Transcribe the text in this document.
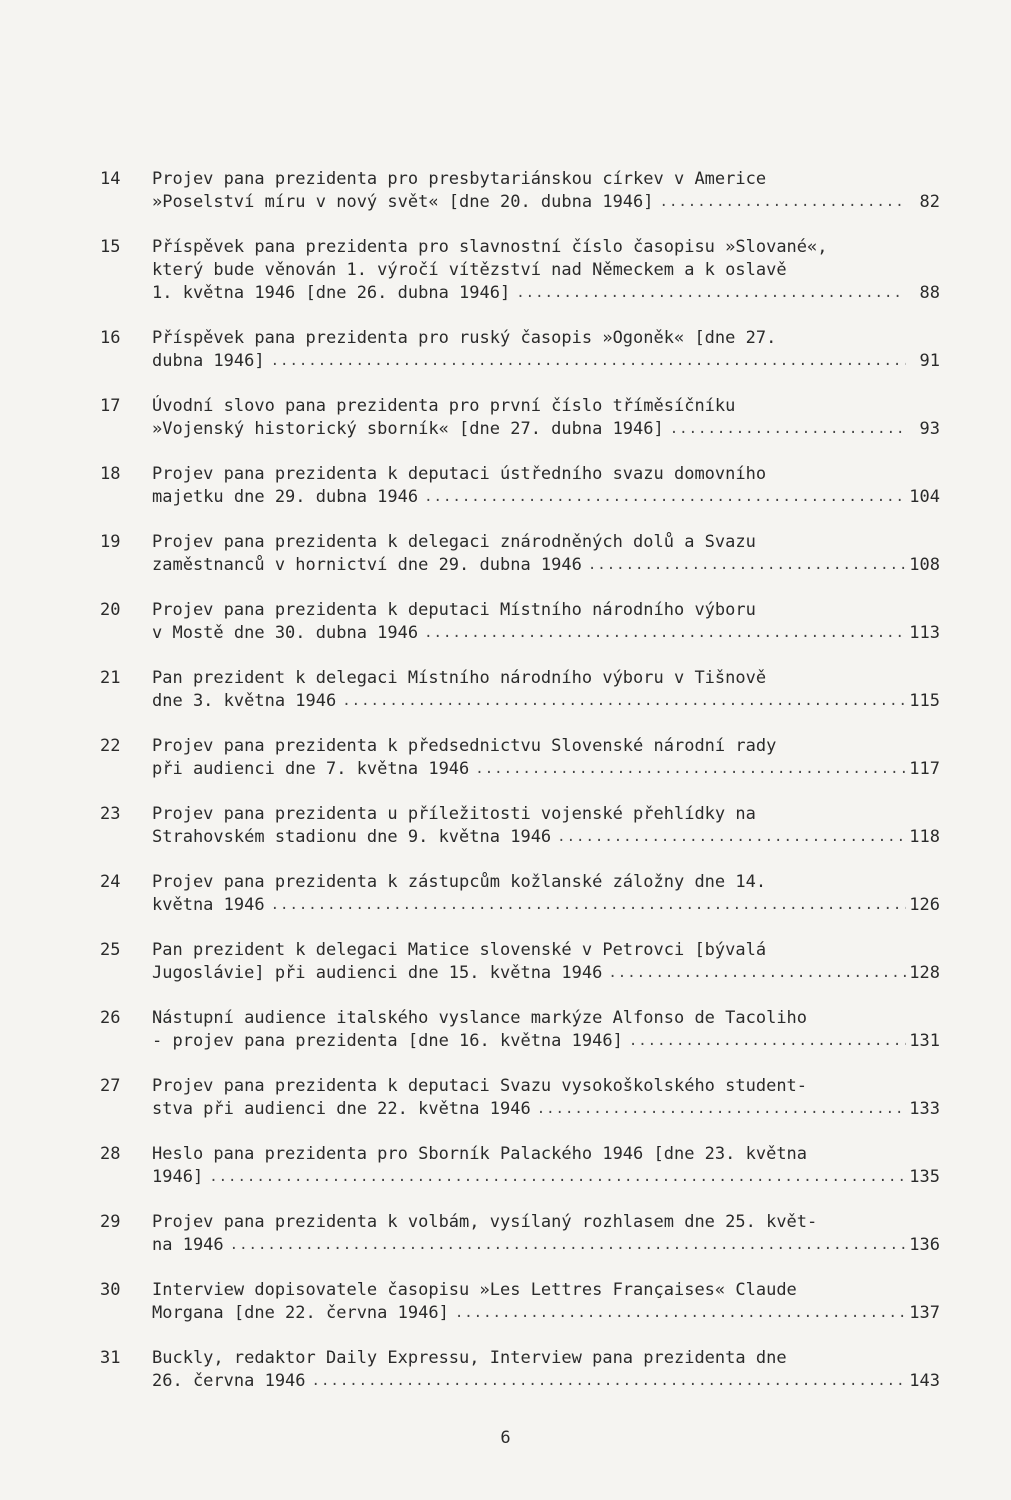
14	Projev pana prezidenta pro presbytariánskou církev v Americe
»Poselství míru v nový svět« [dne 20. dubna 1946] .....	82
15	Příspěvek pana prezidenta pro slavnostní číslo časopisu »Slované«,
který bude věnován 1. výročí vítězství nad Německem a k oslavě
1. května 1946 [dne 26. dubna 1946] .....	88
16	Příspěvek pana prezidenta pro ruský časopis »Ogoněk« [dne 27.
dubna 1946] .....	91
17	Úvodní slovo pana prezidenta pro první číslo tříměsíčníku
»Vojenský historický sborník« [dne 27. dubna 1946] .....	93
18	Projev pana prezidenta k deputaci ústředního svazu domovního
majetku dne 29. dubna 1946 .....	104
19	Projev pana prezidenta k delegaci znárodněných dolů a Svazu
zaměstnanců v hornictví dne 29. dubna 1946 .....	108
20	Projev pana prezidenta k deputaci Místního národního výboru
v Mostě dne 30. dubna 1946 .....	113
21	Pan prezident k delegaci Místního národního výboru v Tišnově
dne 3. května 1946 .....	115
22	Projev pana prezidenta k předsednictvu Slovenské národní rady
při audienci dne 7. května 1946 .....	117
23	Projev pana prezidenta u příležitosti vojenské přehlídky na
Strahovském stadionu dne 9. května 1946 .....	118
24	Projev pana prezidenta k zástupcům kožlanské záložny dne 14.
května 1946 .....	126
25	Pan prezident k delegaci Matice slovenské v Petrovci [bývalá
Jugoslávie] při audienci dne 15. května 1946 .....	128
26	Nástupní audience italského vyslance markýze Alfonso de Tacoliho
- projev pana prezidenta [dne 16. května 1946] .....	131
27	Projev pana prezidenta k deputaci Svazu vysokoškolského student-
stva při audienci dne 22. května 1946 .....	133
28	Heslo pana prezidenta pro Sborník Palackého 1946 [dne 23. května
1946] .....	135
29	Projev pana prezidenta k volbám, vysílaný rozhlasem dne 25. květ-
na 1946 .....	136
30	Interview dopisovatele časopisu »Les Lettres Françaises« Claude
Morgana [dne 22. června 1946] .....	137
31	Buckly, redaktor Daily Expressu, Interview pana prezidenta dne
26. června 1946 .....	143
6
